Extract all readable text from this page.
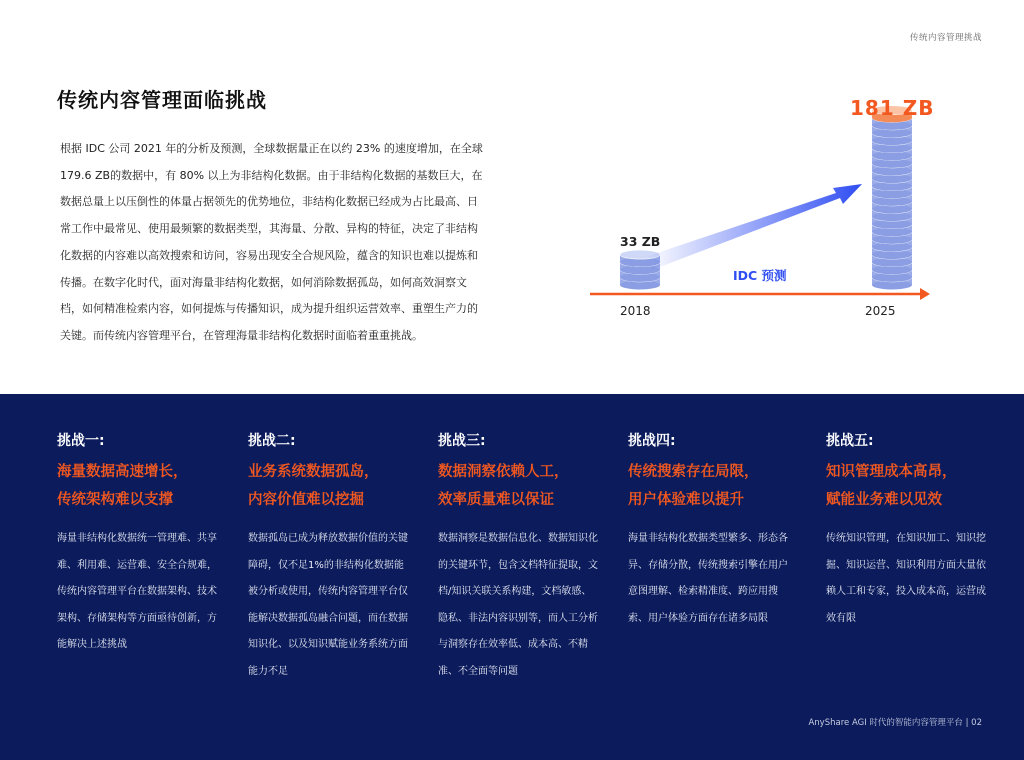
传统内容管理挑战
传统内容管理面临挑战

根据 IDC 公司 2021 年的分析及预测，全球数据量正在以约 23% 的速度增加，在全球 179.6 ZB的数据中，有 80% 以上为非结构化数据。由于非结构化数据的基数巨大，在数据总量上以压倒性的体量占据领先的优势地位，非结构化数据已经成为占比最高、日常工作中最常见、使用最频繁的数据类型，其海量、分散、异构的特征，决定了非结构化数据的内容难以高效搜索和访问，容易出现安全合规风险，蕴含的知识也难以提炼和传播。在数字化时代，面对海量非结构化数据，如何消除数据孤岛，如何高效洞察文档，如何精准检索内容，如何提炼与传播知识，成为提升组织运营效率、重塑生产力的关键。而传统内容管理平台，在管理海量非结构化数据时面临着重重挑战。

33 ZB
181 ZB
IDC 预测
2018	2025
挑战一:
海量数据高速增长，
传统架构难以支撑
海量非结构化数据统一管理难、共享难、利用难、运营难、安全合规难，传统内容管理平台在数据架构、技术架构、存储架构等方面亟待创新，方能解决上述挑战
挑战二:
业务系统数据孤岛，
内容价值难以挖掘
数据孤岛已成为释放数据价值的关键障碍，仅不足1%的非结构化数据能被分析或使用，传统内容管理平台仅能解决数据孤岛融合问题，而在数据知识化、以及知识赋能业务系统方面能力不足
挑战三:
数据洞察依赖人工，
效率质量难以保证
数据洞察是数据信息化、数据知识化的关键环节，包含文档特征提取，文档/知识关联关系构建，文档敏感、隐私、非法内容识别等，而人工分析与洞察存在效率低、成本高、不精准、不全面等问题
挑战四:
传统搜索存在局限，
用户体验难以提升
海量非结构化数据类型繁多、形态各异、存储分散，传统搜索引擎在用户意图理解、检索精准度、跨应用搜索、用户体验方面存在诸多局限
挑战五:
知识管理成本高昂，
赋能业务难以见效
传统知识管理，在知识加工、知识挖掘、知识运营、知识利用方面大量依赖人工和专家，投入成本高，运营成效有限
AnyShare AGI 时代的智能内容管理平台 | 02
